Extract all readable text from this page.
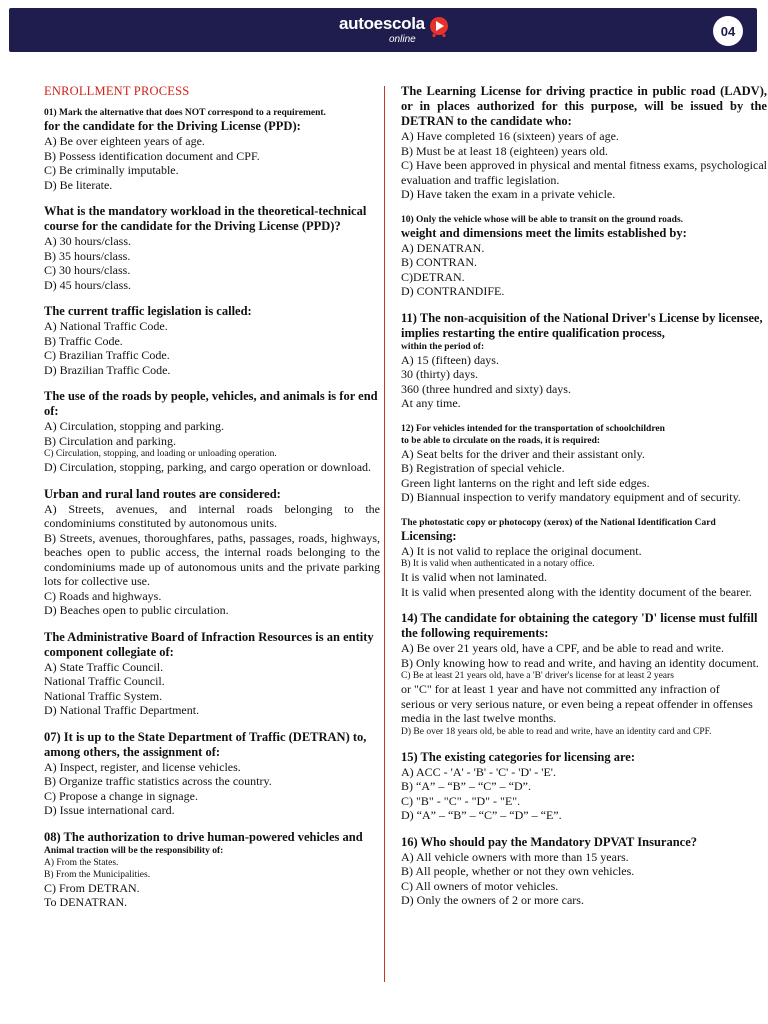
autoescola
online
04

ENROLLMENT PROCESS

01) Mark the alternative that does NOT correspond to a requirement.

for the candidate for the Driving License (PPD):

A) Be over eighteen years of age.

B) Possess identification document and CPF.

C) Be criminally imputable.

D) Be literate.

What is the mandatory workload in the theoretical-technical course for the candidate for the Driving License (PPD)?

A) 30 hours/class.

B) 35 hours/class.

C) 30 hours/class.

D) 45 hours/class.

The current traffic legislation is called:

A) National Traffic Code.

B) Traffic Code.

C) Brazilian Traffic Code.

D) Brazilian Traffic Code.

The use of the roads by people, vehicles, and animals is for end of:

A) Circulation, stopping and parking.

B) Circulation and parking.

C) Circulation, stopping, and loading or unloading operation.

D) Circulation, stopping, parking, and cargo operation or download.

Urban and rural land routes are considered:

A) Streets, avenues, and internal roads belonging to the condominiums constituted by autonomous units.

B) Streets, avenues, thoroughfares, paths, passages, roads, highways, beaches open to public access, the internal roads belonging to the condominiums made up of autonomous units and the private parking lots for collective use.

C) Roads and highways.

D) Beaches open to public circulation.

The Administrative Board of Infraction Resources is an entity component collegiate of:

A) State Traffic Council.

National Traffic Council.

National Traffic System.

D) National Traffic Department.

07) It is up to the State Department of Traffic (DETRAN) to, among others, the assignment of:

A) Inspect, register, and license vehicles.

B) Organize traffic statistics across the country.

C) Propose a change in signage.

D) Issue international card.

08) The authorization to drive human-powered vehicles and

Animal traction will be the responsibility of:

A) From the States.

B) From the Municipalities.

C) From DETRAN.

To DENATRAN.

The Learning License for driving practice in public road (LADV), or in places authorized for this purpose, will be issued by the DETRAN to the candidate who:

A) Have completed 16 (sixteen) years of age.

B) Must be at least 18 (eighteen) years old.

C) Have been approved in physical and mental fitness exams, psychological evaluation and traffic legislation.

D) Have taken the exam in a private vehicle.

10) Only the vehicle whose will be able to transit on the ground roads.

weight and dimensions meet the limits established by:

A) DENATRAN.

B) CONTRAN.

C)DETRAN.

D) CONTRANDIFE.

11) The non-acquisition of the National Driver's License by licensee, implies restarting the entire qualification process,

within the period of:

A) 15 (fifteen) days.

30 (thirty) days.

360 (three hundred and sixty) days.

At any time.

12) For vehicles intended for the transportation of schoolchildren

to be able to circulate on the roads, it is required:

A) Seat belts for the driver and their assistant only.

B) Registration of special vehicle.

Green light lanterns on the right and left side edges.

D) Biannual inspection to verify mandatory equipment and of security.

The photostatic copy or photocopy (xerox) of the National Identification Card

Licensing:

A) It is not valid to replace the original document.

B) It is valid when authenticated in a notary office.

It is valid when not laminated.

It is valid when presented along with the identity document of the bearer.

14) The candidate for obtaining the category 'D' license must fulfill the following requirements:

A) Be over 21 years old, have a CPF, and be able to read and write.

B) Only knowing how to read and write, and having an identity document.

C) Be at least 21 years old, have a 'B' driver's license for at least 2 years

or "C" for at least 1 year and have not committed any infraction of

serious or very serious nature, or even being a repeat offender in offenses

media in the last twelve months.

D) Be over 18 years old, be able to read and write, have an identity card and CPF.

15) The existing categories for licensing are:

A) ACC - 'A' - 'B' - 'C' - 'D' - 'E'.

B) “A” – “B” – “C” – “D”.

C) "B" - "C" - "D" - "E".

D) “A” – “B” – “C” – “D” – “E”.

16) Who should pay the Mandatory DPVAT Insurance?

A) All vehicle owners with more than 15 years.

B) All people, whether or not they own vehicles.

C) All owners of motor vehicles.

D) Only the owners of 2 or more cars.
